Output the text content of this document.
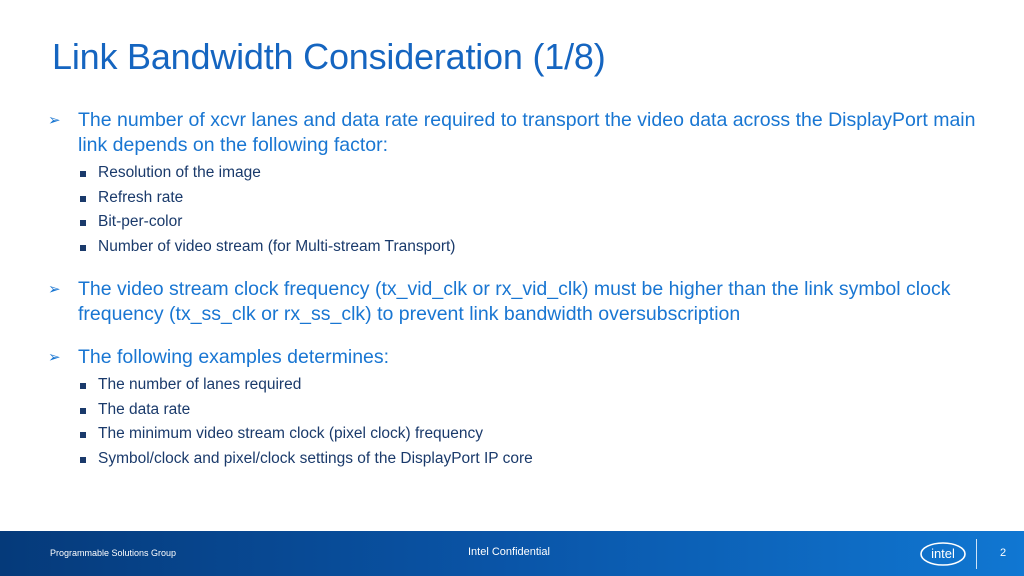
Link Bandwidth Consideration (1/8)
➢ The number of xcvr lanes and data rate required to transport the video data across the DisplayPort main link depends on the following factor:
Resolution of the image
Refresh rate
Bit-per-color
Number of video stream (for Multi-stream Transport)
➢ The video stream clock frequency (tx_vid_clk or rx_vid_clk) must be higher than the link symbol clock frequency (tx_ss_clk or rx_ss_clk) to prevent link bandwidth oversubscription
➢ The following examples determines:
The number of lanes required
The data rate
The minimum video stream clock (pixel clock) frequency
Symbol/clock and pixel/clock settings of the DisplayPort IP core
Programmable Solutions Group	Intel Confidential	intel	2
